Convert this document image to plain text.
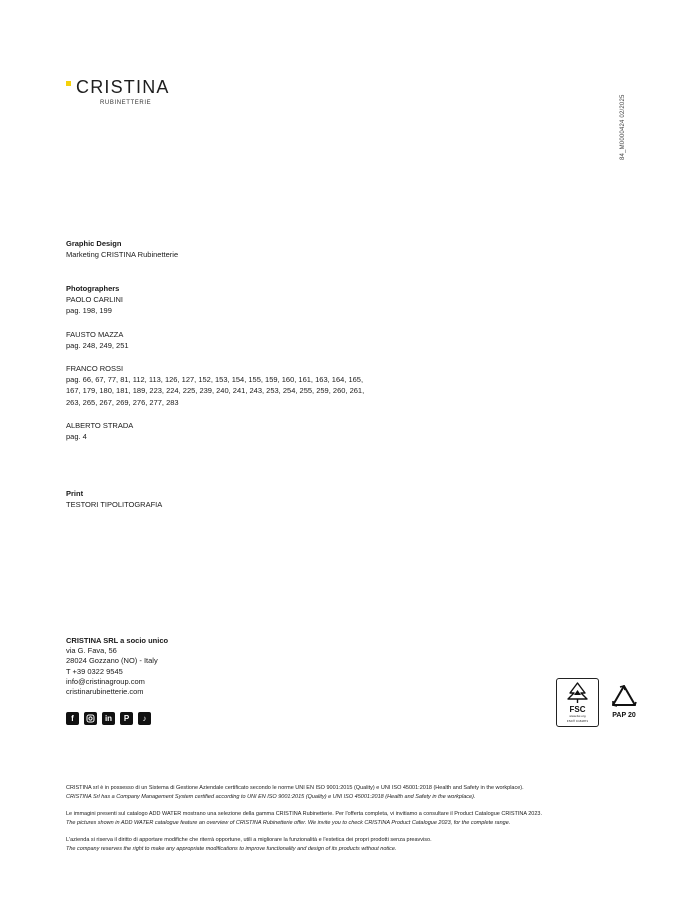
CRISTINA
RUBINETTERIE	84_M0000424 02/2025

Graphic Design

Marketing CRISTINA Rubinetterie

Photographers

PAOLO CARLINI

pag. 198, 199

FAUSTO MAZZA

pag. 248, 249, 251

FRANCO ROSSI

pag. 66, 67, 77, 81, 112, 113, 126, 127, 152, 153, 154, 155, 159, 160, 161, 163, 164, 165,

167, 179, 180, 181, 189, 223, 224, 225, 239, 240, 241, 243, 253, 254, 255, 259, 260, 261,

263, 265, 267, 269, 276, 277, 283

ALBERTO STRADA

pag. 4

Print

TESTORI TIPOLITOGRAFIA

CRISTINA SRL a socio unico

via G. Fava, 56

28024 Gozzano (NO) - Italy

T +39 0322 9545

info@cristinagroup.com

cristinarubinetterie.com

f	in	P	♪
FSC
www.fsc.org
FSC® C161871
PAP 20

CRISTINA srl è in possesso di un Sistema di Gestione Aziendale certificato secondo le norme UNI EN ISO 9001:2015 (Quality) e UNI ISO 45001:2018 (Health and Safety in the workplace).

CRISTINA Srl has a Company Management System certified according to UNI EN ISO 9001:2015 (Quality) e UNI ISO 45001:2018 (Health and Safety in the workplace).

Le immagini presenti sul catalogo ADD WATER mostrano una selezione della gamma CRISTINA Rubinetterie. Per l'offerta completa, vi invitiamo a consultare il Product Catalogue CRISTINA 2023.

The pictures shown in ADD WATER catalogue feature an overview of CRISTINA Rubinetterie offer. We invite you to check CRISTINA Product Catalogue 2023, for the complete range.

L'azienda si riserva il diritto di apportare modifiche che riterrà opportune, utili a migliorare la funzionalità e l'estetica dei propri prodotti senza preavviso.

The company reserves the right to make any appropriate modifications to improve functionality and design of its products without notice.
